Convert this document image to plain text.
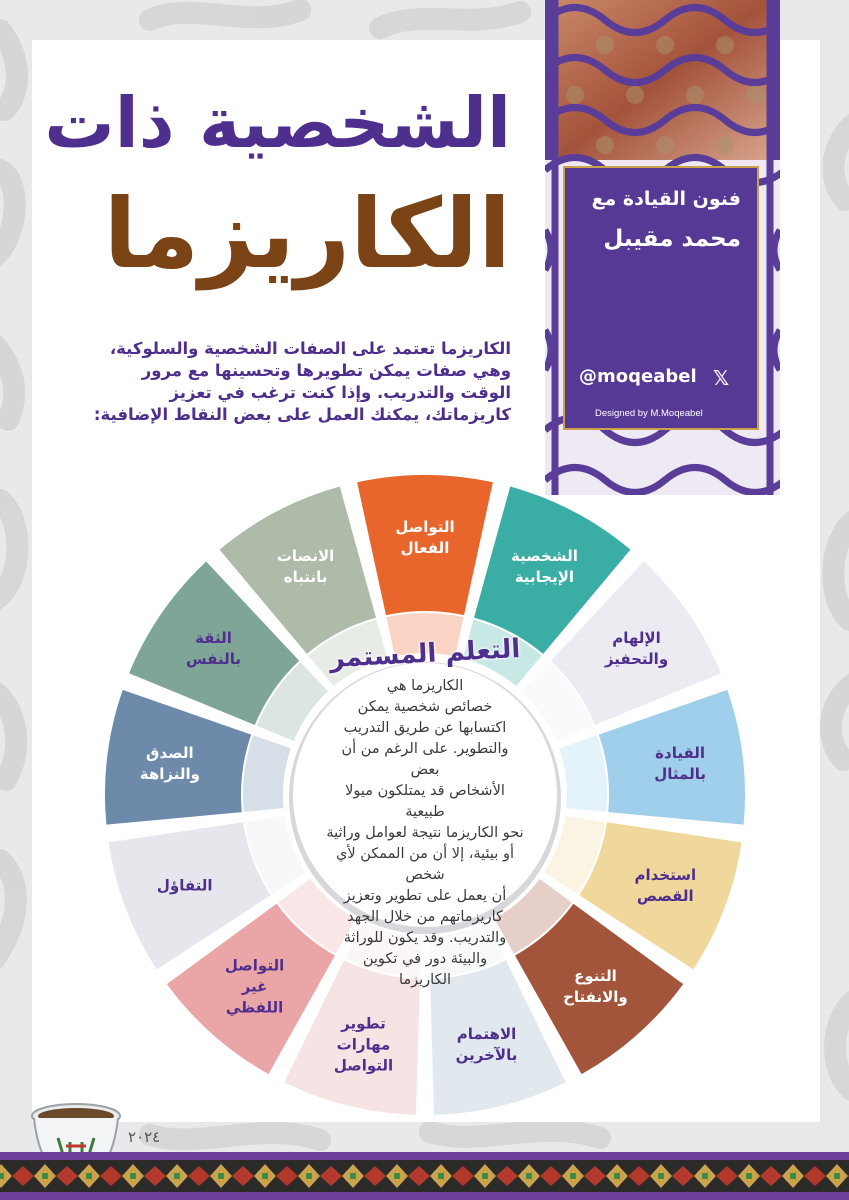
فنون القيادة مع
محمد مقيبل
@moqeabel 𝕏
Designed by M.Moqeabel
الشخصية ذات
الكاريزما
الكاريزما تعتمد على الصفات الشخصية والسلوكية، وهي صفات يمكن تطويرها وتحسينها مع مرور الوقت والتدريب. وإذا كنت ترغب في تعزيز كاريزماتك، يمكنك العمل على بعض النقاط الإضافية:
التواصل
الفعال	الشخصية
الإيجابية
الإلهام
والتحفيز
القيادة
بالمثال
استخدام
القصص
التنوع
والانفتاح
الاهتمام
بالآخرين
تطوير
مهارات
التواصل
التواصل
غير
اللفظي
التفاؤل
الصدق
والنزاهة
الثقة
بالنفس
الانصات
بانتباه
التعلم المستمر
الكاريزما هي
خصائص شخصية يمكن
اكتسابها عن طريق التدريب
والتطوير. على الرغم من أن بعض
الأشخاص قد يمتلكون ميولا طبيعية
نحو الكاريزما نتيجة لعوامل وراثية
أو بيئية، إلا أن من الممكن لأي شخص
أن يعمل على تطوير وتعزيز
كاريزماتهم من خلال الجهد
والتدريب. وقد يكون للوراثة
والبيئة دور في تكوين
الكاريزما
٢٠٢٤
